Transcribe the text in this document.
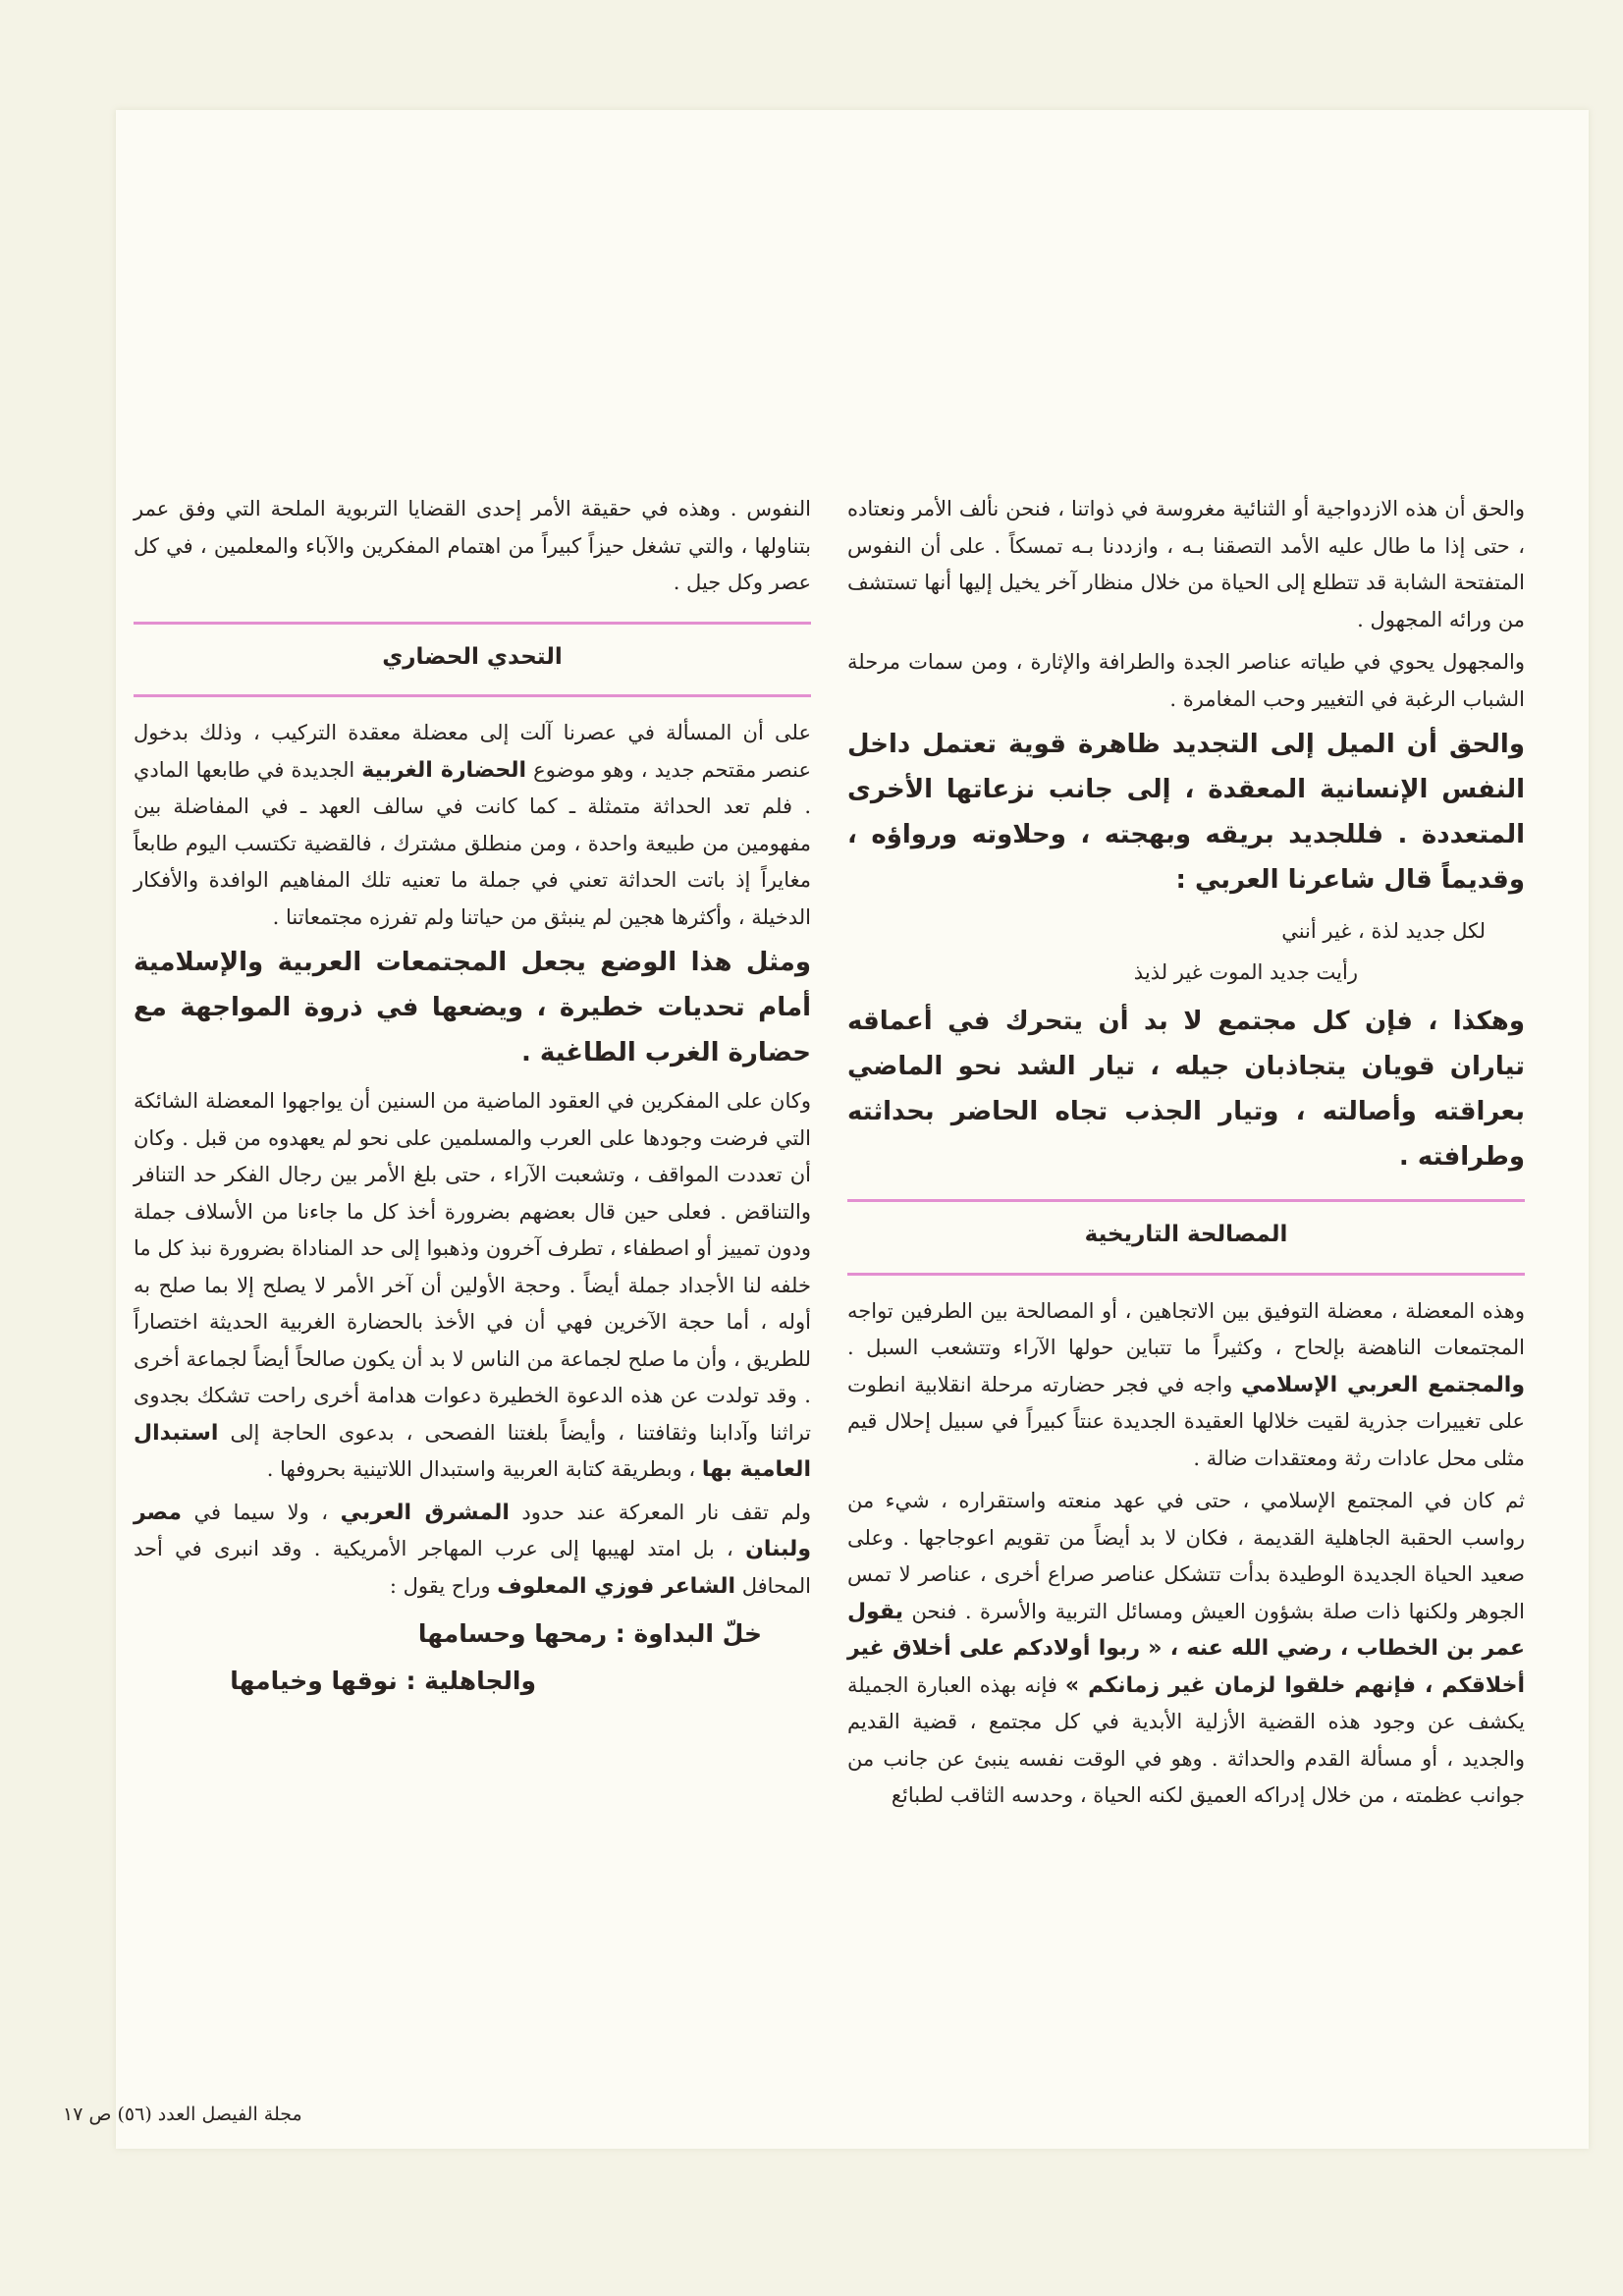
والحق أن هذه الازدواجية أو الثنائية مغروسة في ذواتنا ، فنحن نألف الأمر ونعتاده ، حتى إذا ما طال عليه الأمد التصقنا بـه ، وازددنا بـه تمسكاً . على أن النفوس المتفتحة الشابة قد تتطلع إلى الحياة من خلال منظار آخر يخيل إليها أنها تستشف من ورائه المجهول .

والمجهول يحوي في طياته عناصر الجدة والطرافة والإثارة ، ومن سمات مرحلة الشباب الرغبة في التغيير وحب المغامرة .

والحق أن الميل إلى التجديد ظاهرة قوية تعتمل داخل النفس الإنسانية المعقدة ، إلى جانب نزعاتها الأخرى المتعددة . فللجديد بريقه وبهجته ، وحلاوته ورواؤه ، وقديماً قال شاعرنا العربي :

لكل جديد لذة ، غير أنني
رأيت جديد الموت غير لذيذ

وهكذا ، فإن كل مجتمع لا بد أن يتحرك في أعماقه تياران قويان يتجاذبان جيله ، تيار الشد نحو الماضي بعراقته وأصالته ، وتيار الجذب تجاه الحاضر بحداثته وطرافته .

المصالحة التاريخية

وهذه المعضلة ، معضلة التوفيق بين الاتجاهين ، أو المصالحة بين الطرفين تواجه المجتمعات الناهضة بإلحاح ، وكثيراً ما تتباين حولها الآراء وتتشعب السبل . والمجتمع العربي الإسلامي واجه في فجر حضارته مرحلة انقلابية انطوت على تغييرات جذرية لقيت خلالها العقيدة الجديدة عنتاً كبيراً في سبيل إحلال قيم مثلى محل عادات رثة ومعتقدات ضالة .

ثم كان في المجتمع الإسلامي ، حتى في عهد منعته واستقراره ، شيء من رواسب الحقبة الجاهلية القديمة ، فكان لا بد أيضاً من تقويم اعوجاجها . وعلى صعيد الحياة الجديدة الوطيدة بدأت تتشكل عناصر صراع أخرى ، عناصر لا تمس الجوهر ولكنها ذات صلة بشؤون العيش ومسائل التربية والأسرة . فنحن يقول عمر بن الخطاب ، رضي الله عنه ، « ربوا أولادكم على أخلاق غير أخلاقكم ، فإنهم خلقوا لزمان غير زمانكم » فإنه بهذه العبارة الجميلة يكشف عن وجود هذه القضية الأزلية الأبدية في كل مجتمع ، قضية القديم والجديد ، أو مسألة القدم والحداثة . وهو في الوقت نفسه ينبئ عن جانب من جوانب عظمته ، من خلال إدراكه العميق لكنه الحياة ، وحدسه الثاقب لطبائع

النفوس . وهذه في حقيقة الأمر إحدى القضايا التربوية الملحة التي وفق عمر بتناولها ، والتي تشغل حيزاً كبيراً من اهتمام المفكرين والآباء والمعلمين ، في كل عصر وكل جيل .

التحدي الحضاري

على أن المسألة في عصرنا آلت إلى معضلة معقدة التركيب ، وذلك بدخول عنصر مقتحم جديد ، وهو موضوع الحضارة الغربية الجديدة في طابعها المادي . فلم تعد الحداثة متمثلة ـ كما كانت في سالف العهد ـ في المفاضلة بين مفهومين من طبيعة واحدة ، ومن منطلق مشترك ، فالقضية تكتسب اليوم طابعاً مغايراً إذ باتت الحداثة تعني في جملة ما تعنيه تلك المفاهيم الوافدة والأفكار الدخيلة ، وأكثرها هجين لم ينبثق من حياتنا ولم تفرزه مجتمعاتنا .

ومثل هذا الوضع يجعل المجتمعات العربية والإسلامية أمام تحديات خطيرة ، ويضعها في ذروة المواجهة مع حضارة الغرب الطاغية .

وكان على المفكرين في العقود الماضية من السنين أن يواجهوا المعضلة الشائكة التي فرضت وجودها على العرب والمسلمين على نحو لم يعهدوه من قبل . وكان أن تعددت المواقف ، وتشعبت الآراء ، حتى بلغ الأمر بين رجال الفكر حد التنافر والتناقض . فعلى حين قال بعضهم بضرورة أخذ كل ما جاءنا من الأسلاف جملة ودون تمييز أو اصطفاء ، تطرف آخرون وذهبوا إلى حد المناداة بضرورة نبذ كل ما خلفه لنا الأجداد جملة أيضاً . وحجة الأولين أن آخر الأمر لا يصلح إلا بما صلح به أوله ، أما حجة الآخرين فهي أن في الأخذ بالحضارة الغربية الحديثة اختصاراً للطريق ، وأن ما صلح لجماعة من الناس لا بد أن يكون صالحاً أيضاً لجماعة أخرى . وقد تولدت عن هذه الدعوة الخطيرة دعوات هدامة أخرى راحت تشكك بجدوى تراثنا وآدابنا وثقافتنا ، وأيضاً بلغتنا الفصحى ، بدعوى الحاجة إلى استبدال العامية بها ، وبطريقة كتابة العربية واستبدال اللاتينية بحروفها .

ولم تقف نار المعركة عند حدود المشرق العربي ، ولا سيما في مصر ولبنان ، بل امتد لهيبها إلى عرب المهاجر الأمريكية . وقد انبرى في أحد المحافل الشاعر فوزي المعلوف وراح يقول :

خلّ البداوة : رمحها وحسامها
والجاهلية : نوقها وخيامها
مجلة الفيصل العدد (٥٦) ص ١٧
